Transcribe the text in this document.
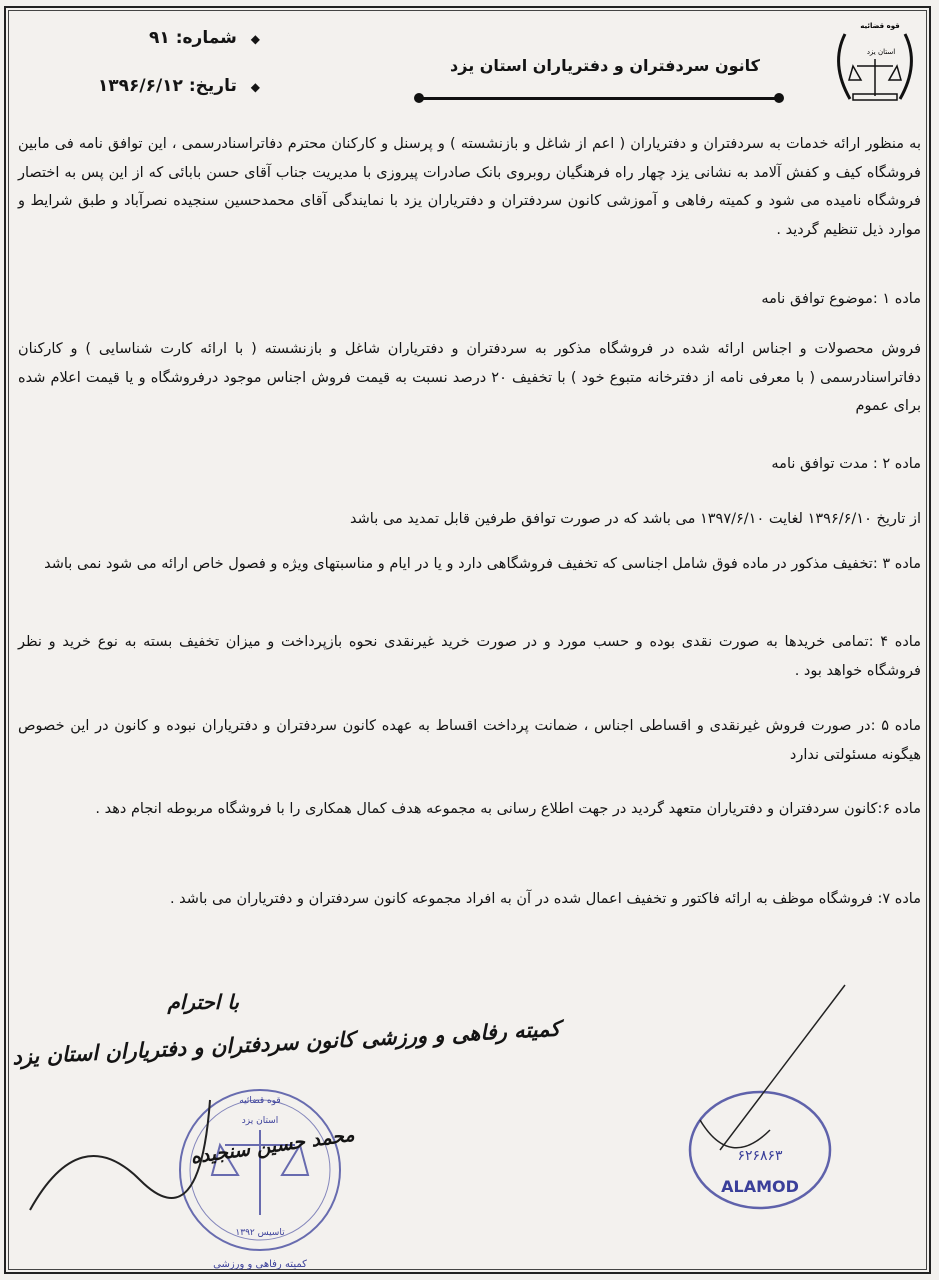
قوه قضائیه
استان یزد
کانون سردفتران و دفتریاران استان یزد
◆ شماره: ۹۱
◆ تاریخ: ۱۳۹۶/۶/۱۲

به منظور ارائه خدمات به سردفتران و دفتریاران ( اعم از شاغل و بازنشسته ) و پرسنل و کارکنان محترم دفاتراسنادرسمی ، این توافق نامه فی مابین فروشگاه کیف و کفش آلامد به نشانی یزد چهار راه فرهنگیان روبروی بانک صادرات پیروزی با مدیریت جناب آقای حسن بابائی که از این پس به اختصار فروشگاه نامیده می شود و کمیته رفاهی و آموزشی کانون سردفتران و دفتریاران یزد با نمایندگی آقای محمدحسین سنجیده نصرآباد و طبق شرایط و موارد ذیل تنظیم گردید .

ماده ۱ :موضوع توافق نامه
فروش محصولات و اجناس ارائه شده در فروشگاه مذکور به سردفتران و دفتریاران شاغل و بازنشسته ( با ارائه کارت شناسایی ) و کارکنان دفاتراسنادرسمی ( با معرفی نامه از دفترخانه متبوع خود ) با تخفیف ۲۰ درصد نسبت به قیمت فروش اجناس موجود درفروشگاه و یا قیمت اعلام شده برای عموم
ماده ۲ : مدت توافق نامه
از تاریخ ۱۳۹۶/۶/۱۰ لغایت ۱۳۹۷/۶/۱۰ می باشد که در صورت توافق طرفین قابل تمدید می باشد
ماده ۳ :تخفیف مذکور در ماده فوق شامل اجناسی که تخفیف فروشگاهی دارد و یا در ایام و مناسبتهای ویژه و فصول خاص ارائه می شود نمی باشد
ماده ۴ :تمامی خریدها به صورت نقدی بوده و حسب مورد و در صورت خرید غیرنقدی نحوه بازپرداخت و میزان تخفیف بسته به نوع خرید و نظر فروشگاه خواهد بود .
ماده ۵ :در صورت فروش غیرنقدی و اقساطی اجناس ، ضمانت پرداخت اقساط به عهده کانون سردفتران و دفتریاران نبوده و کانون در این خصوص هیگونه مسئولتی ندارد
ماده ۶:کانون سردفتران و دفتریاران متعهد گردید در جهت اطلاع رسانی به مجموعه هدف کمال همکاری را با فروشگاه مربوطه انجام دهد .
ماده ۷: فروشگاه موظف به ارائه فاکتور و تخفیف اعمال شده در آن به افراد مجموعه کانون سردفتران و دفتریاران می باشد .
با احترام
کمیته رفاهی و ورزشی کانون سردفتران و دفتریاران استان یزد
قوه قضائیه
استان یزد
تاسیس ۱۳۹۲
کمیته رفاهی و ورزشی
محمد حسین سنجیده	۶۲۶۸۶۳
ALAMOD
